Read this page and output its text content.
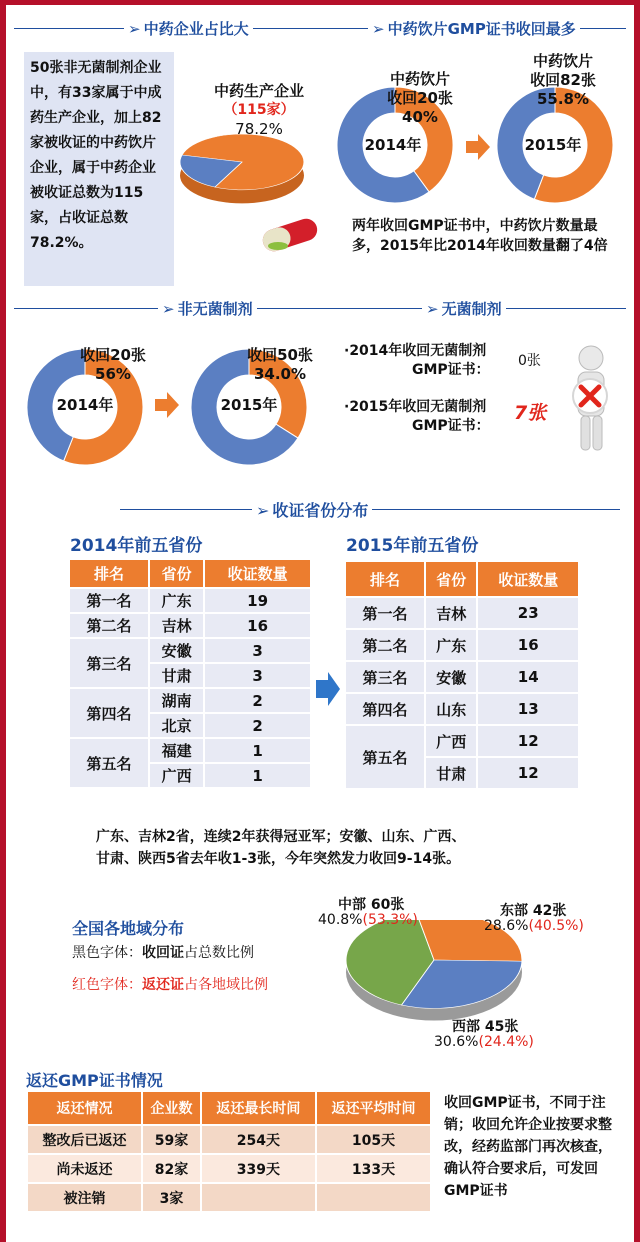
➢ 中药企业占比大	➢ 中药饮片GMP证书收回最多
50张非无菌制剂企业中，有33家属于中成药生产企业，加上82家被收证的中药饮片企业，属于中药企业被收证总数为115家，占收证总数78.2%。
中药生产企业
（115家）
78.2%
2014年	2015年
中药饮片
收回20张
40%
中药饮片
收回82张
55.8%
两年收回GMP证书中，中药饮片数量最多，2015年比2014年收回数量翻了4倍
➢ 非无菌制剂	➢ 无菌制剂
2014年	2015年
收回20张
56%
收回50张
34.0%
·2014年收回无菌制剂
GMP证书：
0张
·2015年收回无菌制剂
GMP证书：
7张
➢ 收证省份分布
2014年前五省份	2015年前五省份
排名	省份	收证数量
第一名	广东	19
第二名	吉林	16
第三名	安徽	3
	甘肃	3
第四名	湖南	2
	北京	2
第五名	福建	1
	广西	1
排名	省份	收证数量
第一名	吉林	23
第二名	广东	16
第三名	安徽	14
第四名	山东	13
第五名	广西	12
	甘肃	12
广东、吉林2省，连续2年获得冠亚军；安徽、山东、广西、
甘肃、陕西5省去年收1-3张，今年突然发力收回9-14张。
全国各地域分布
黑色字体：收回证占总数比例
红色字体：返还证占各地域比例
中部 60张
40.8%(53.3%)
东部 42张
28.6%(40.5%)
西部 45张
30.6%(24.4%)
返还GMP证书情况
返还情况	企业数	返还最长时间	返还平均时间
整改后已返还	59家	254天	105天
尚未返还	82家	339天	133天
被注销	3家		
收回GMP证书，不同于注销；收回允许企业按要求整改，经药监部门再次核查，确认符合要求后，可发回GMP证书
